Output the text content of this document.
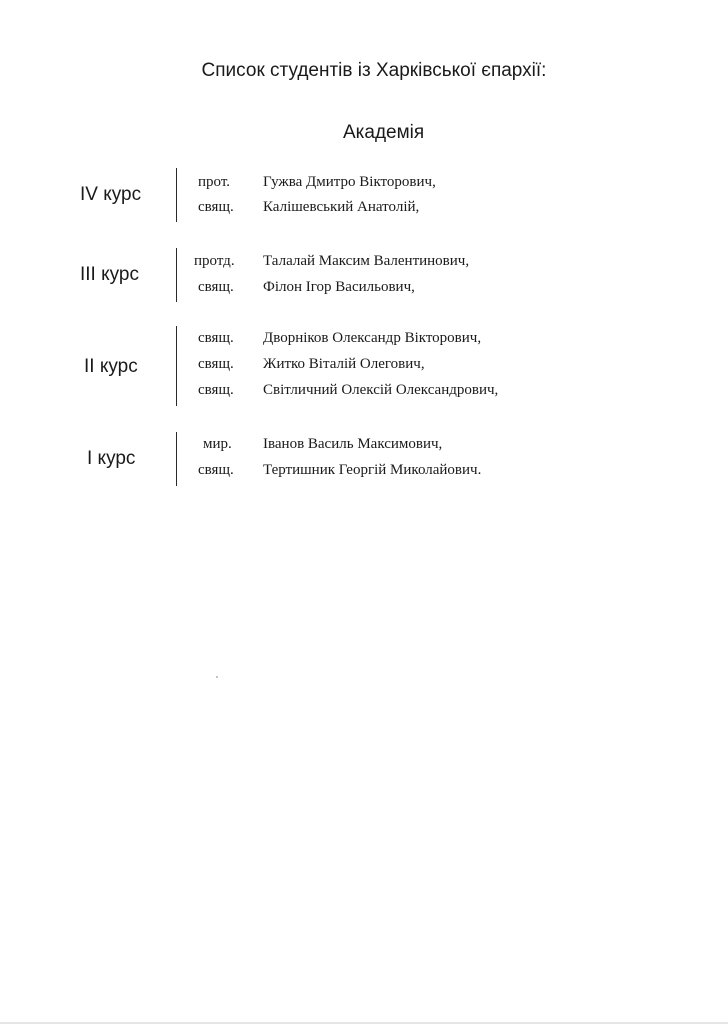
Список студентів із Харківської єпархії:
Академія
IV курс
прот. Гужва Дмитро Вікторович,
свящ. Калішевський Анатолій,
III курс
протд. Талалай Максим Валентинович,
свящ. Філон Ігор Васильович,
II курс
свящ. Дворніков Олександр Вікторович,
свящ. Житко Віталій Олегович,
свящ. Світличний Олексій Олександрович,
I курс
мир. Іванов Василь Максимович,
свящ. Тертишник Георгій Миколайович.
